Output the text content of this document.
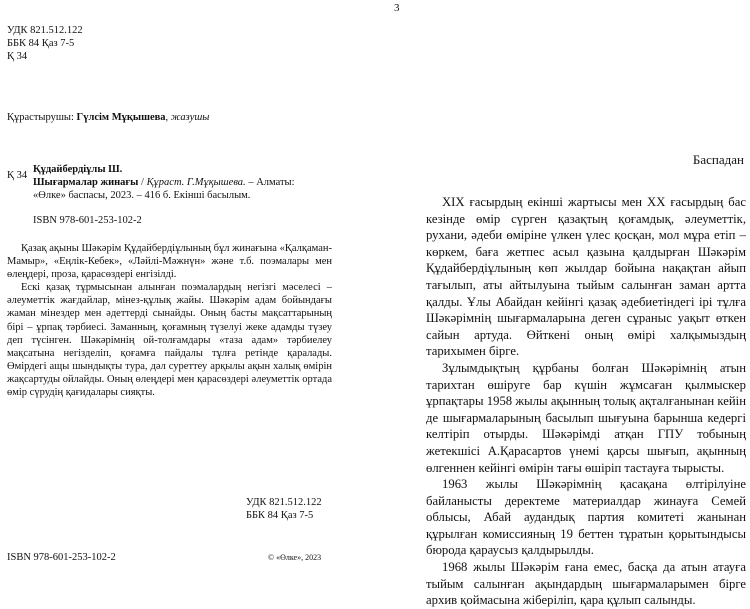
УДК 821.512.122
ББК 84 Қаз 7-5
Қ 34
Құрастырушы: Гүлсім Мұқышева, жазушы
Қ 34
Құдайбердіұлы Ш.
Шығармалар жинағы / Құраст. Г.Мұқышева. – Алматы:
«Өлке» баспасы, 2023. – 416 б. Екінші басылым.
ISBN 978-601-253-102-2

Қазақ ақыны Шәкәрім Құдайбердіұлының бұл жинағына «Қалқаман-Мамыр», «Еңлік-Кебек», «Ләйлі-Мәжнүн» және т.б. поэмалары мен өлеңдері, проза, қарасөздері енгізілді.

Ескі қазақ тұрмысынан алынған поэмалардың негізгі мәселесі – әлеуметтік жағдайлар, мінез-құлық жайы. Шәкәрім адам бойындағы жаман мінездер мен әдеттерді сынайды. Оның басты мақсаттарының бірі – ұрпақ тәрбиесі. Заманның, қоғамның түзелуі жеке адамды түзеу деп түсінген. Шәкәрімнің ой-толғамдары «таза адам» тәрбиелеу мақсатына негізделіп, қоғамға пайдалы тұлға ретінде қаралады. Өмірдегі ащы шындықты тура, дәл суреттеу арқылы ақын халық өмірін жақсартуды ойлайды. Оның өлеңдері мен қарасөздері әлеуметтік ортада өмір сүрудің қағидалары сияқты.

УДК 821.512.122
ББК 84 Қаз 7-5
ISBN 978-601-253-102-2	© «Өлке», 2023
3
Баспадан

XIX ғасырдың екінші жартысы мен XX ғасырдың бас кезінде өмір сүрген қазақтың қоғамдық, әлеуметтік, рухани, әдеби өміріне үлкен үлес қосқан, мол мұра етіп – көркем, баға жетпес асыл қазына қалдырған Шәкәрім Құдайбердіұлының көп жылдар бойына нақақтан айып тағылып, аты айтылуына тыйым салынған заман артта қалды. Ұлы Абайдан кейінгі қазақ әдебиетіндегі ірі тұлға Шәкәрімнің шығармаларына деген сұраныс уақыт өткен сайын артуда. Өйткені оның өмірі халқымыздың тарихымен бірге.

Зұлымдықтың құрбаны болған Шәкәрімнің атын тарихтан өшіруге бар күшін жұмсаған қылмыскер ұрпақтары 1958 жылы ақынның толық ақталғанынан кейін де шығармаларының басылып шығуына барынша кедергі келтіріп отырды. Шәкәрімді атқан ГПУ тобының жетекшісі А.Қарасартов үнемі қарсы шығып, ақынның өлгеннен кейінгі өмірін тағы өшіріп тастауға тырысты.

1963 жылы Шәкәрімнің қасақана өлтірілуіне байланысты деректеме материалдар жинауға Семей облысы, Абай аудандық партия комитеті жанынан құрылған комиссияның 19 беттен тұратын қорытындысы бюрода қараусыз қалдырылды.

1968 жылы Шәкәрім ғана емес, басқа да атын атауға тыйым салынған ақындардың шығармаларымен бірге архив қоймасына жіберіліп, қара құлып салынды.
